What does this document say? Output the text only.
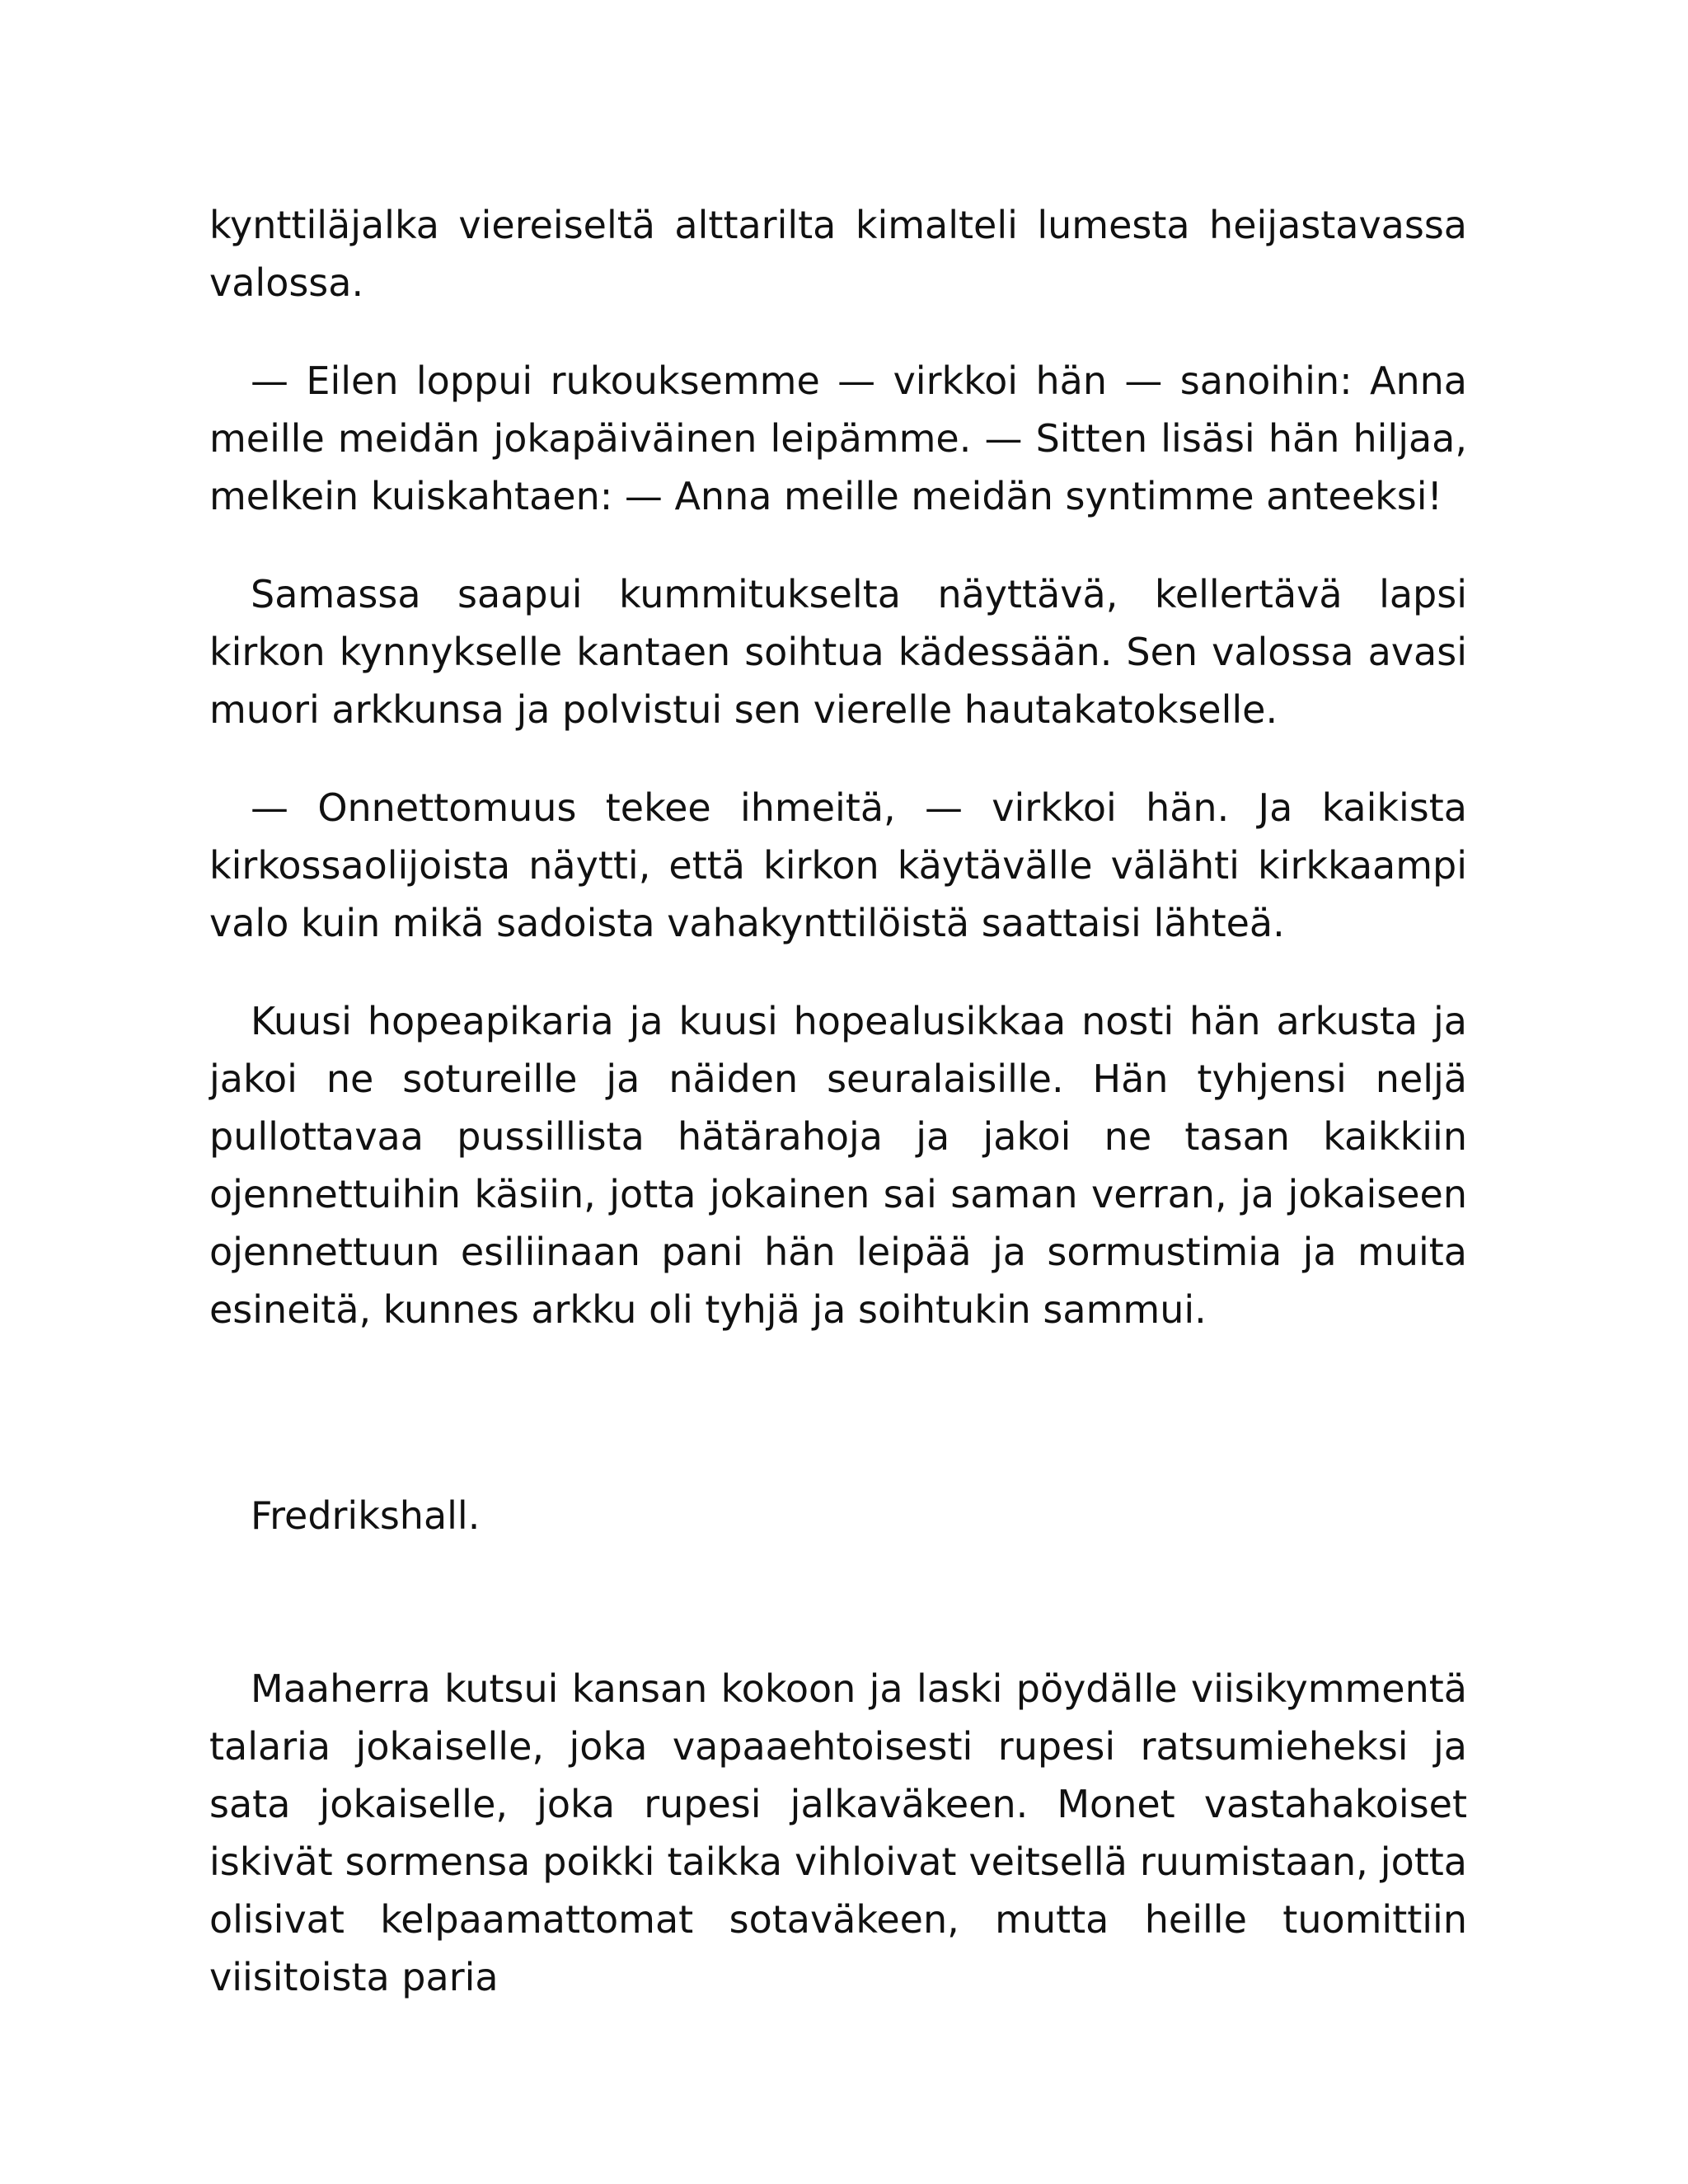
kynttiläjalka viereiseltä alttarilta kimalteli lumesta heijastavassa valossa.

— Eilen loppui rukouksemme — virkkoi hän — sanoihin: Anna meille meidän jokapäiväinen leipämme. — Sitten lisäsi hän hiljaa, melkein kuiskahtaen: — Anna meille meidän syntimme anteeksi!

Samassa saapui kummitukselta näyttävä, kellertävä lapsi kirkon kynnykselle kantaen soihtua kädessään. Sen valossa avasi muori arkkunsa ja polvistui sen vierelle hautakatokselle.

— Onnettomuus tekee ihmeitä, — virkkoi hän. Ja kaikista kirkossaolijoista näytti, että kirkon käytävälle välähti kirkkaampi valo kuin mikä sadoista vahakynttilöistä saattaisi lähteä.

Kuusi hopeapikaria ja kuusi hopealusikkaa nosti hän arkusta ja jakoi ne sotureille ja näiden seuralaisille. Hän tyhjensi neljä pullottavaa pussillista hätärahoja ja jakoi ne tasan kaikkiin ojennettuihin käsiin, jotta jokainen sai saman verran, ja jokaiseen ojennettuun esiliinaan pani hän leipää ja sormustimia ja muita esineitä, kunnes arkku oli tyhjä ja soihtukin sammui.

Fredrikshall.

Maaherra kutsui kansan kokoon ja laski pöydälle viisikymmentä talaria jokaiselle, joka vapaaehtoisesti rupesi ratsumieheksi ja sata jokaiselle, joka rupesi jalkaväkeen. Monet vastahakoiset iskivät sormensa poikki taikka vihloivat veitsellä ruumistaan, jotta olisivat kelpaamattomat sotaväkeen, mutta heille tuomittiin viisitoista paria
